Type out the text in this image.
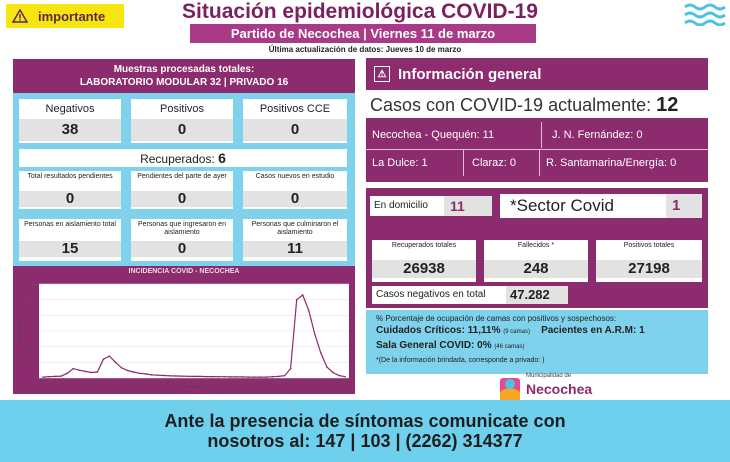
importante	Situación epidemiológica COVID-19
Partido de Necochea | Viernes 11 de marzo
Última actualización de datos: Jueves 10 de marzo
Muestras procesadas totales:
LABORATORIO MODULAR 32 | PRIVADO 16
Negativos
38
Positivos
0
Positivos CCE
0
Recuperados: 6
Total resultados pendientes
0
Pendientes del parte de ayer
0
Casos nuevos en estudio
0
Personas en aislamiento total
15
Personas que ingresaron en aislamiento
0
Personas que culminaron el aislamiento
11
INCIDENCIA COVID - NECOCHEA
6000
5000
4000
3000
2000
1000
0
11 12 13 14 15 16 17 18 19 20 21 22 23 24 25 26 27 28 29 30 31 32 33 34 35 36 37 38 39 40 41 42 43 44 45 46 47 48 49 50 51 52 1 2 3 4 5 6 7 8 9
SEMANA
Nº DE CASOS
⚠ Información general
Casos con COVID-19 actualmente: 12
Necochea - Quequén: 11	J. N. Fernández: 0
La Dulce: 1	Claraz: 0	R. Santamarina/Energía: 0
En domicilio	11	*Sector Covid	1
Recuperados totales
26938
Fallecidos *
248
Positivos totales
27198
Casos negativos en total	47.282
% Porcentaje de ocupación de camas con positivos y sospechosos:
Cuidados Críticos: 11,11% (9 camas) Pacientes en A.R.M: 1
Sala General COVID: 0% (46 camas)
*(De la información brindada, corresponde a privado: )
Municipalidad de
Necochea
Ante la presencia de síntomas comunicate con
nosotros al: 147 | 103 | (2262) 314377
